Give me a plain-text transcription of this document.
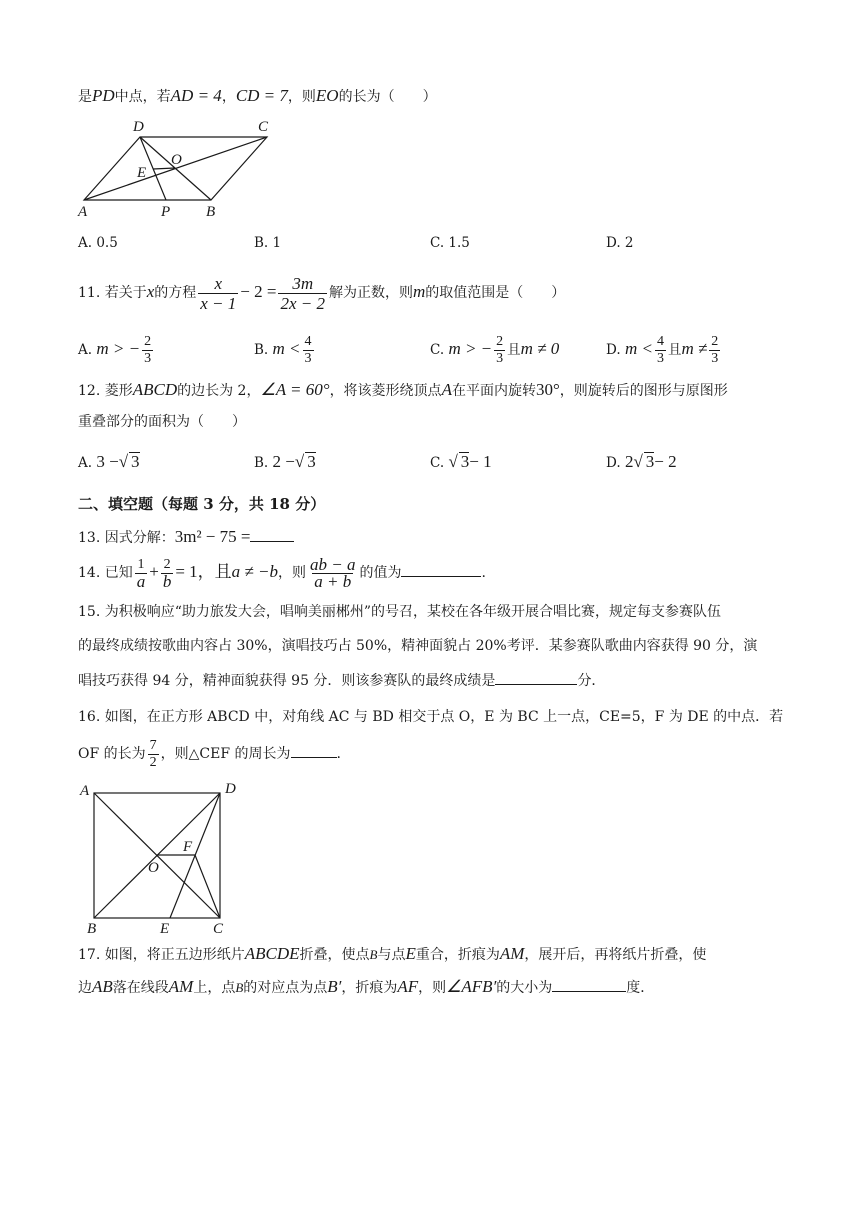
是PD中点，若AD = 4，CD = 7，则EO的长为（　　）
D	C
O
E
A	P B
A. 0.5	B. 1	C. 1.5	D. 2
11. 若关于x的方程 $\frac{x}{x - 1} - 2 = \frac{3m}{2x - 2}$ 解为正数，则m的取值范围是（　　）
A. m > − $\frac{2}{3}$	B. $m < \frac{4}{3}$	C. m > − $\frac{2}{3}$ 且m ≠ 0	D. $m < \frac{4}{3}$ 且$m \ne \frac{2}{3}$
12. 菱形ABCD的边长为 2，∠A = 60°，将该菱形绕顶点A在平面内旋转30°，则旋转后的图形与原图形
重叠部分的面积为（　　）
A. 3 −√ 3	B. 2 −√ 3	C. √ 3− 1	D. 2√ 3− 2
二、填空题（每题 3 分，共 18 分）
13. 因式分解：3m² − 75 =
14. 已知 $\frac{1}{a} + \frac{2}{b} = 1$，且a ≠ −b，则 $\frac{ab - a}{a + b}$ 的值为	.
15. 为积极响应“助力旅发大会，唱响美丽郴州”的号召，某校在各年级开展合唱比赛，规定每支参赛队伍
的最终成绩按歌曲内容占 30%，演唱技巧占 50%，精神面貌占 20%考评．某参赛队歌曲内容获得 90 分，演
唱技巧获得 94 分，精神面貌获得 95 分．则该参赛队的最终成绩是	分．
16. 如图，在正方形 ABCD 中，对角线 AC 与 BD 相交于点 O，E 为 BC 上一点，CE=5，F 为 DE 的中点．若
OF 的长为 $\frac{7}{2}$ ，则△CEF 的周长为	.
A	D
F
O
B	E	C
17. 如图，将正五边形纸片ABCDE折叠，使点B与点E重合，折痕为AM，展开后，再将纸片折叠，使
边AB落在线段AM上，点B的对应点为点B′，折痕为AF，则∠AFB′的大小为	度．
